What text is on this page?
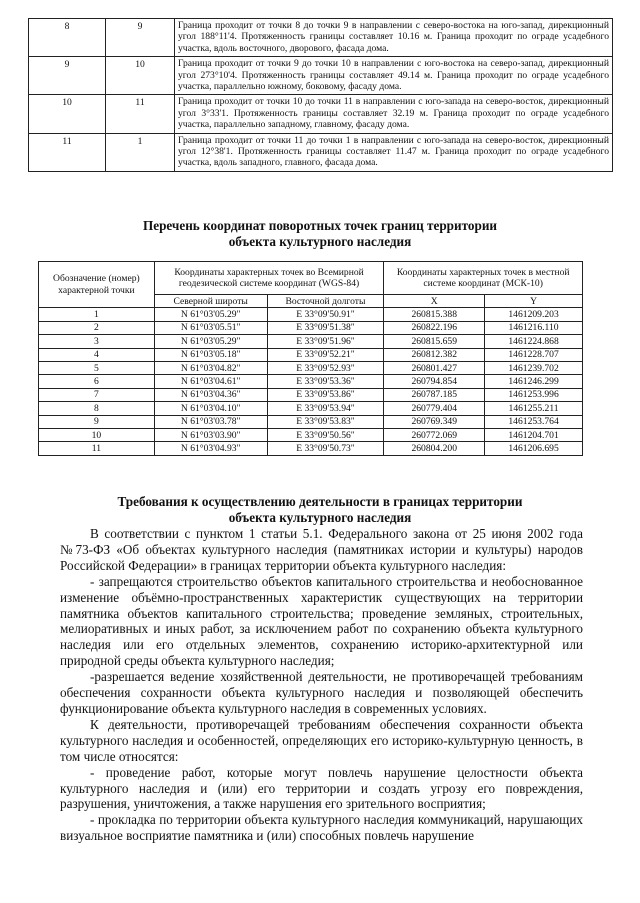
8	9	Граница проходит от точки 8 до точки 9 в направлении с северо-востока на юго-запад, дирекционный угол 188°11'4. Протяженность границы составляет 10.16 м. Граница проходит по ограде усадебного участка, вдоль восточного, дворового, фасада дома.
9	10	Граница проходит от точки 9 до точки 10 в направлении с юго-востока на северо-запад, дирекционный угол 273°10'4. Протяженность границы составляет 49.14 м. Граница проходит по ограде усадебного участка, параллельно южному, боковому, фасаду дома.
10	11	Граница проходит от точки 10 до точки 11 в направлении с юго-запада на северо-восток, дирекционный угол 3°33'1. Протяженность границы составляет 32.19 м. Граница проходит по ограде усадебного участка, параллельно западному, главному, фасаду дома.
11	1	Граница проходит от точки 11 до точки 1 в направлении с юго-запада на северо-восток, дирекционный угол 12°38'1. Протяженность границы составляет 11.47 м. Граница проходит по ограде усадебного участка, вдоль западного, главного, фасада дома.
Перечень координат поворотных точек границ территории
объекта культурного наследия
Обозначение (номер) характерной точки	Координаты характерных точек во Всемирной геодезической системе координат (WGS-84)		Координаты характерных точек в местной системе координат (МСК-10)	
	Северной широты	Восточной долготы	X	Y
1	N 61°03'05.29"	E 33°09'50.91"	260815.388	1461209.203
2	N 61°03'05.51"	E 33°09'51.38"	260822.196	1461216.110
3	N 61°03'05.29"	E 33°09'51.96"	260815.659	1461224.868
4	N 61°03'05.18"	E 33°09'52.21"	260812.382	1461228.707
5	N 61°03'04.82"	E 33°09'52.93"	260801.427	1461239.702
6	N 61°03'04.61"	E 33°09'53.36"	260794.854	1461246.299
7	N 61°03'04.36"	E 33°09'53.86"	260787.185	1461253.996
8	N 61°03'04.10"	E 33°09'53.94"	260779.404	1461255.211
9	N 61°03'03.78"	E 33°09'53.83"	260769.349	1461253.764
10	N 61°03'03.90"	E 33°09'50.56"	260772.069	1461204.701
11	N 61°03'04.93"	E 33°09'50.73"	260804.200	1461206.695
Требования к осуществлению деятельности в границах территории
объекта культурного наследия

В соответствии с пунктом 1 статьи 5.1. Федерального закона от 25 июня 2002 года №73-ФЗ «Об объектах культурного наследия (памятниках истории и культуры) народов Российской Федерации» в границах территории объекта культурного наследия:

- запрещаются строительство объектов капитального строительства и необоснованное изменение объёмно-пространственных характеристик существующих на территории памятника объектов капитального строительства; проведение земляных, строительных, мелиоративных и иных работ, за исключением работ по сохранению объекта культурного наследия или его отдельных элементов, сохранению историко-архитектурной или природной среды объекта культурного наследия;

-разрешается ведение хозяйственной деятельности, не противоречащей требованиям обеспечения сохранности объекта культурного наследия и позволяющей обеспечить функционирование объекта культурного наследия в современных условиях.

К деятельности, противоречащей требованиям обеспечения сохранности объекта культурного наследия и особенностей, определяющих его историко-культурную ценность, в том числе относятся:

- проведение работ, которые могут повлечь нарушение целостности объекта культурного наследия и (или) его территории и создать угрозу его повреждения, разрушения, уничтожения, а также нарушения его зрительного восприятия;

- прокладка по территории объекта культурного наследия коммуникаций, нарушающих визуальное восприятие памятника и (или) способных повлечь нарушение
